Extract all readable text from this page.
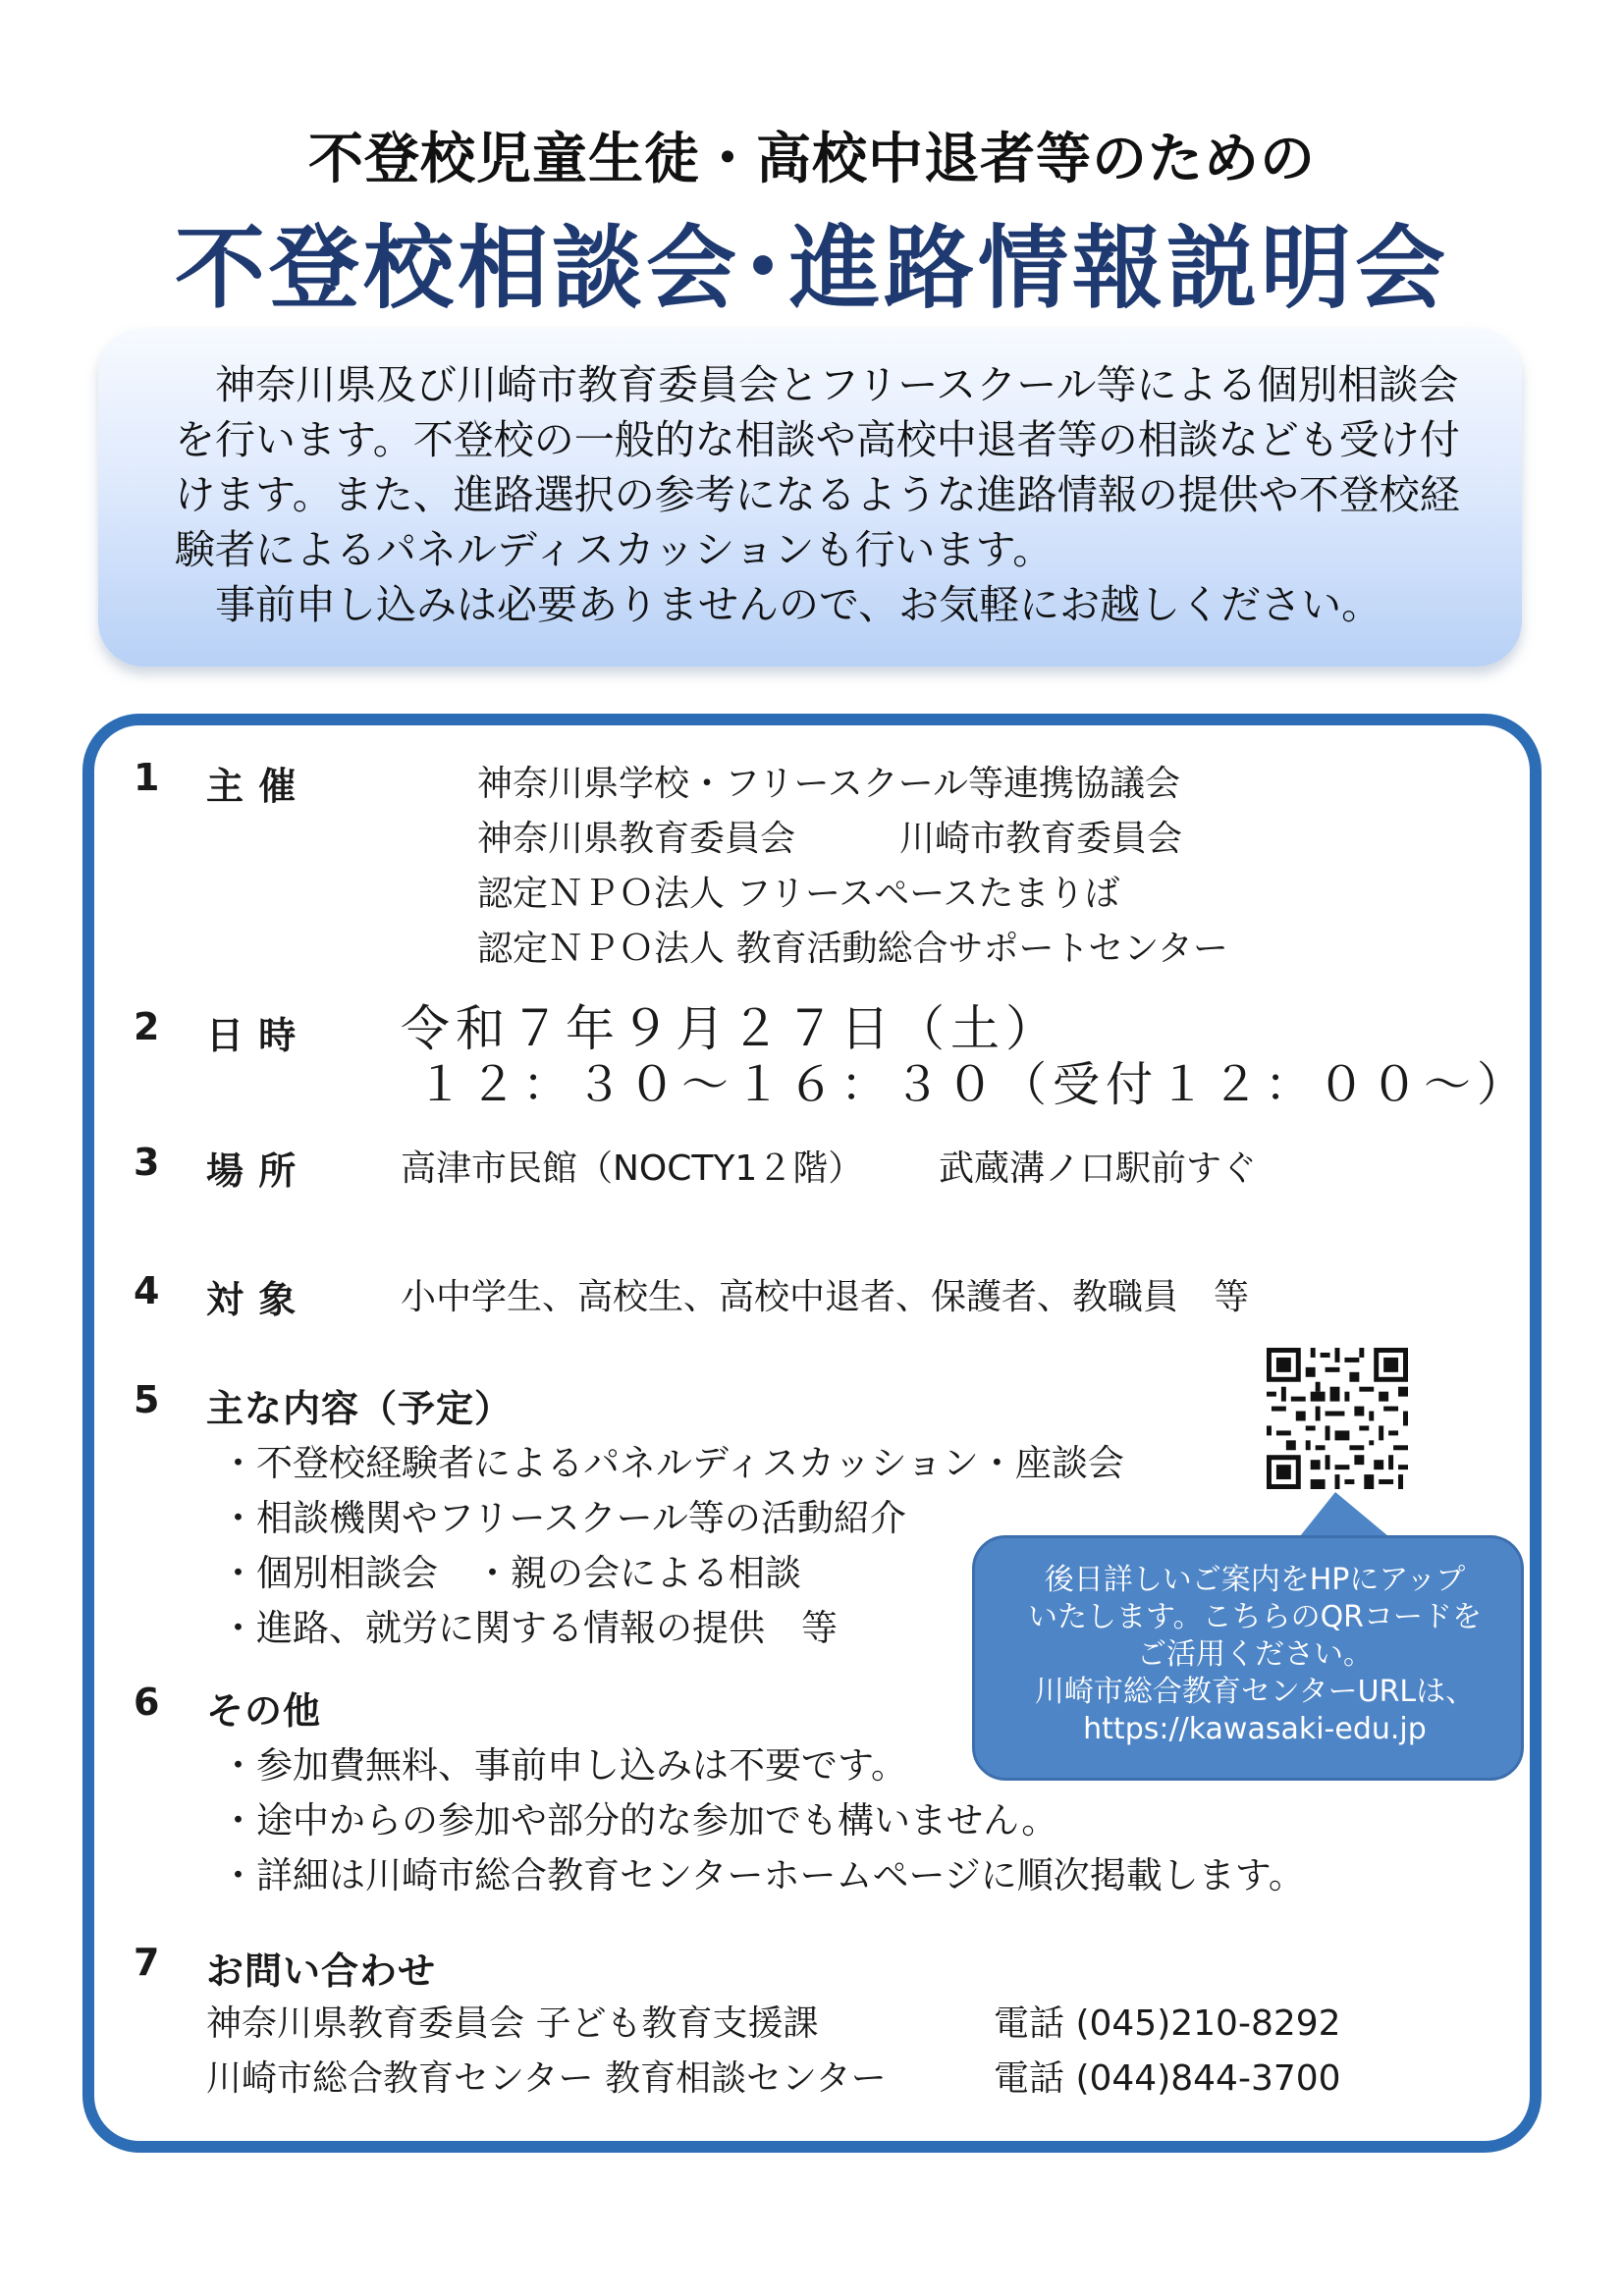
不登校児童生徒・高校中退者等のための
不登校相談会･進路情報説明会

神奈川県及び川崎市教育委員会とフリースクール等による個別相談会を行います。不登校の一般的な相談や高校中退者等の相談なども受け付けます。また、進路選択の参考になるような進路情報の提供や不登校経験者によるパネルディスカッションも行います。

事前申し込みは必要ありませんので、お気軽にお越しください。

1 主 催	神奈川県学校・フリースクール等連携協議会
神奈川県教育委員会	川崎市教育委員会
認定ＮＰＯ法人 フリースペースたまりば
認定ＮＰＯ法人 教育活動総合サポートセンター
2 日 時 令和７年９月２７日（土）
１２：３０～１６：３０（受付１２：００～）
3 場 所	高津市民館（NOCTY1２階） 武蔵溝ノ口駅前すぐ
4 対 象	小中学生、高校生、高校中退者、保護者、教職員　等
後日詳しいご案内をHPにアップ
いたします。こちらのQRコードを
ご活用ください。
川崎市総合教育センターURLは、
https://kawasaki-edu.jp
5 主な内容（予定）
・不登校経験者によるパネルディスカッション・座談会
・相談機関やフリースクール等の活動紹介
・個別相談会　・親の会による相談
・進路、就労に関する情報の提供　等
6 その他
・参加費無料、事前申し込みは不要です。
・途中からの参加や部分的な参加でも構いません。
・詳細は川崎市総合教育センターホームページに順次掲載します。
7 お問い合わせ
神奈川県教育委員会 子ども教育支援課	電話 (045)210-8292
川崎市総合教育センター 教育相談センター	電話 (044)844-3700
